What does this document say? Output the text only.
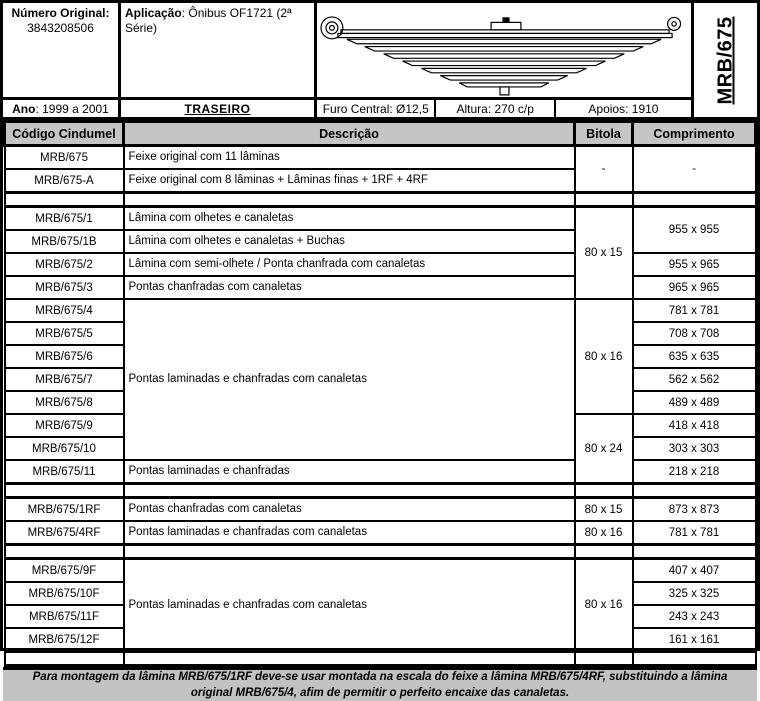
Número Original:
3843208506
Aplicação: Ônibus OF1721 (2ª Série)	MRB/675
Ano : 1999 a 2001	TRASEIRO	Furo Central: Ø12,5	Altura: 270 c/p	Apoios: 1910
Código Cindumel	Descrição	Bitola	Comprimento
MRB/675	Feixe original com 11 lâminas	-	-
MRB/675-A	Feixe original com 8 lâminas + Lâminas finas + 1RF + 4RF		

MRB/675/1	Lâmina com olhetes e canaletas	80 x 15	955 x 955
MRB/675/1B	Lâmina com olhetes e canaletas + Buchas		
MRB/675/2	Lâmina com semi-olhete / Ponta chanfrada com canaletas		955 x 965
MRB/675/3	Pontas chanfradas com canaletas		965 x 965
MRB/675/4	Pontas laminadas e chanfradas com canaletas	80 x 16	781 x 781
MRB/675/5			708 x 708
MRB/675/6			635 x 635
MRB/675/7			562 x 562
MRB/675/8			489 x 489
MRB/675/9		80 x 24	418 x 418
MRB/675/10			303 x 303
MRB/675/11	Pontas laminadas e chanfradas		218 x 218

MRB/675/1RF	Pontas chanfradas com canaletas	80 x 15	873 x 873
MRB/675/4RF	Pontas laminadas e chanfradas com canaletas	80 x 16	781 x 781

MRB/675/9F	Pontas laminadas e chanfradas com canaletas	80 x 16	407 x 407
MRB/675/10F			325 x 325
MRB/675/11F			243 x 243
MRB/675/12F			161 x 161

Para montagem da lâmina MRB/675/1RF deve-se usar montada na escala do feixe a lâmina MRB/675/4RF, substituindo a lâmina original MRB/675/4, afim de permitir o perfeito encaixe das canaletas.
